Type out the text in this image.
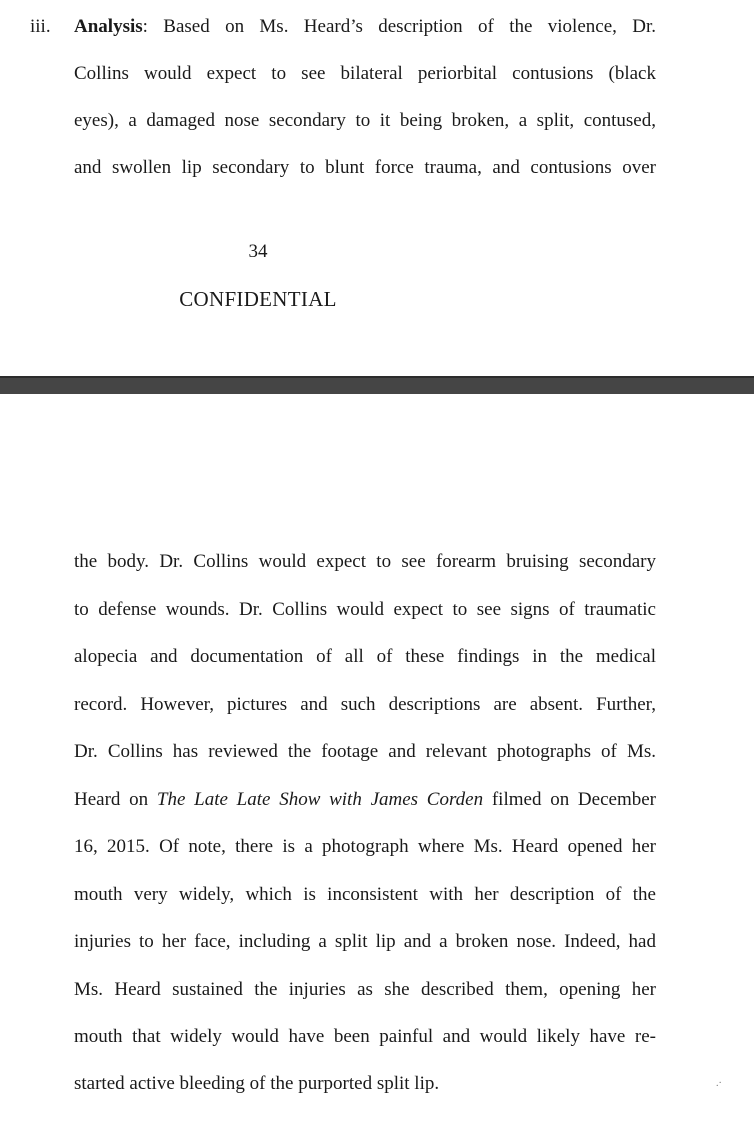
iii. Analysis: Based on Ms. Heard’s description of the violence, Dr.
Collins would expect to see bilateral periorbital contusions (black
eyes), a damaged nose secondary to it being broken, a split, contused,
and swollen lip secondary to blunt force trauma, and contusions over
34
CONFIDENTIAL
the body. Dr. Collins would expect to see forearm bruising secondary
to defense wounds. Dr. Collins would expect to see signs of traumatic
alopecia and documentation of all of these findings in the medical
record. However, pictures and such descriptions are absent. Further,
Dr. Collins has reviewed the footage and relevant photographs of Ms.
Heard on The Late Late Show with James Corden filmed on December
16, 2015. Of note, there is a photograph where Ms. Heard opened her
mouth very widely, which is inconsistent with her description of the
injuries to her face, including a split lip and a broken nose. Indeed, had
Ms. Heard sustained the injuries as she described them, opening her
mouth that widely would have been painful and would likely have re-
started active bleeding of the purported split lip.	.·
